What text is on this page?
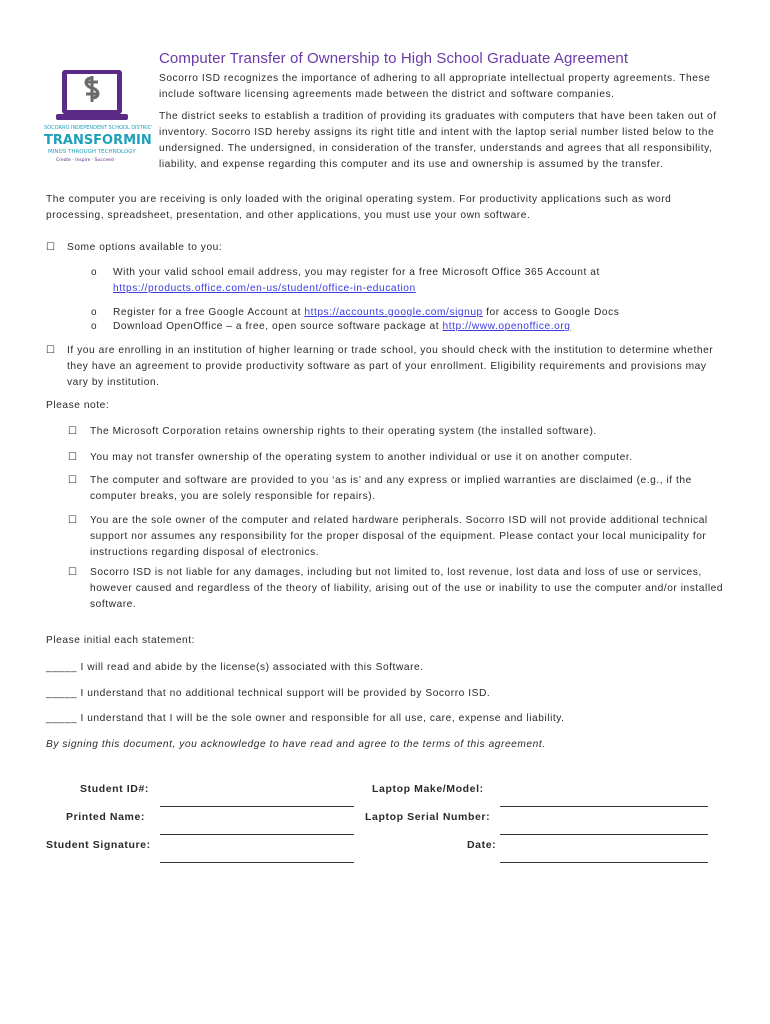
SOCORRO INDEPENDENT SCHOOL DISTRICT
TRANSFORMING
MINDS THROUGH TECHNOLOGY
Create · Inspire · Succeed
Computer Transfer of Ownership to High School Graduate Agreement
Socorro ISD recognizes the importance of adhering to all appropriate intellectual property agreements. These include software licensing agreements made between the district and software companies.
The district seeks to establish a tradition of providing its graduates with computers that have been taken out of inventory. Socorro ISD hereby assigns its right title and intent with the laptop serial number listed below to the undersigned. The undersigned, in consideration of the transfer, understands and agrees that all responsibility, liability, and expense regarding this computer and its use and ownership is assumed by the transfer.
The computer you are receiving is only loaded with the original operating system. For productivity applications such as word processing, spreadsheet, presentation, and other applications, you must use your own software.
☐ Some options available to you:
o With your valid school email address, you may register for a free Microsoft Office 365 Account at
https://products.office.com/en-us/student/office-in-education
o Register for a free Google Account at https://accounts.google.com/signup for access to Google Docs
o Download OpenOffice – a free, open source software package at http://www.openoffice.org
☐ If you are enrolling in an institution of higher learning or trade school, you should check with the institution to determine whether they have an agreement to provide productivity software as part of your enrollment. Eligibility requirements and provisions may vary by institution.
Please note:
☐ The Microsoft Corporation retains ownership rights to their operating system (the installed software).
☐ You may not transfer ownership of the operating system to another individual or use it on another computer.
☐ The computer and software are provided to you ‘as is’ and any express or implied warranties are disclaimed (e.g., if the computer breaks, you are solely responsible for repairs).
☐ You are the sole owner of the computer and related hardware peripherals. Socorro ISD will not provide additional technical support nor assumes any responsibility for the proper disposal of the equipment. Please contact your local municipality for instructions regarding disposal of electronics.
☐ Socorro ISD is not liable for any damages, including but not limited to, lost revenue, lost data and loss of use or services, however caused and regardless of the theory of liability, arising out of the use or inability to use the computer and/or installed software.
Please initial each statement:
_____ I will read and abide by the license(s) associated with this Software.
_____ I understand that no additional technical support will be provided by Socorro ISD.
_____ I understand that I will be the sole owner and responsible for all use, care, expense and liability.
By signing this document, you acknowledge to have read and agree to the terms of this agreement.
Student ID#:
Printed Name:
Student Signature:
Laptop Make/Model:
Laptop Serial Number:
Date:
